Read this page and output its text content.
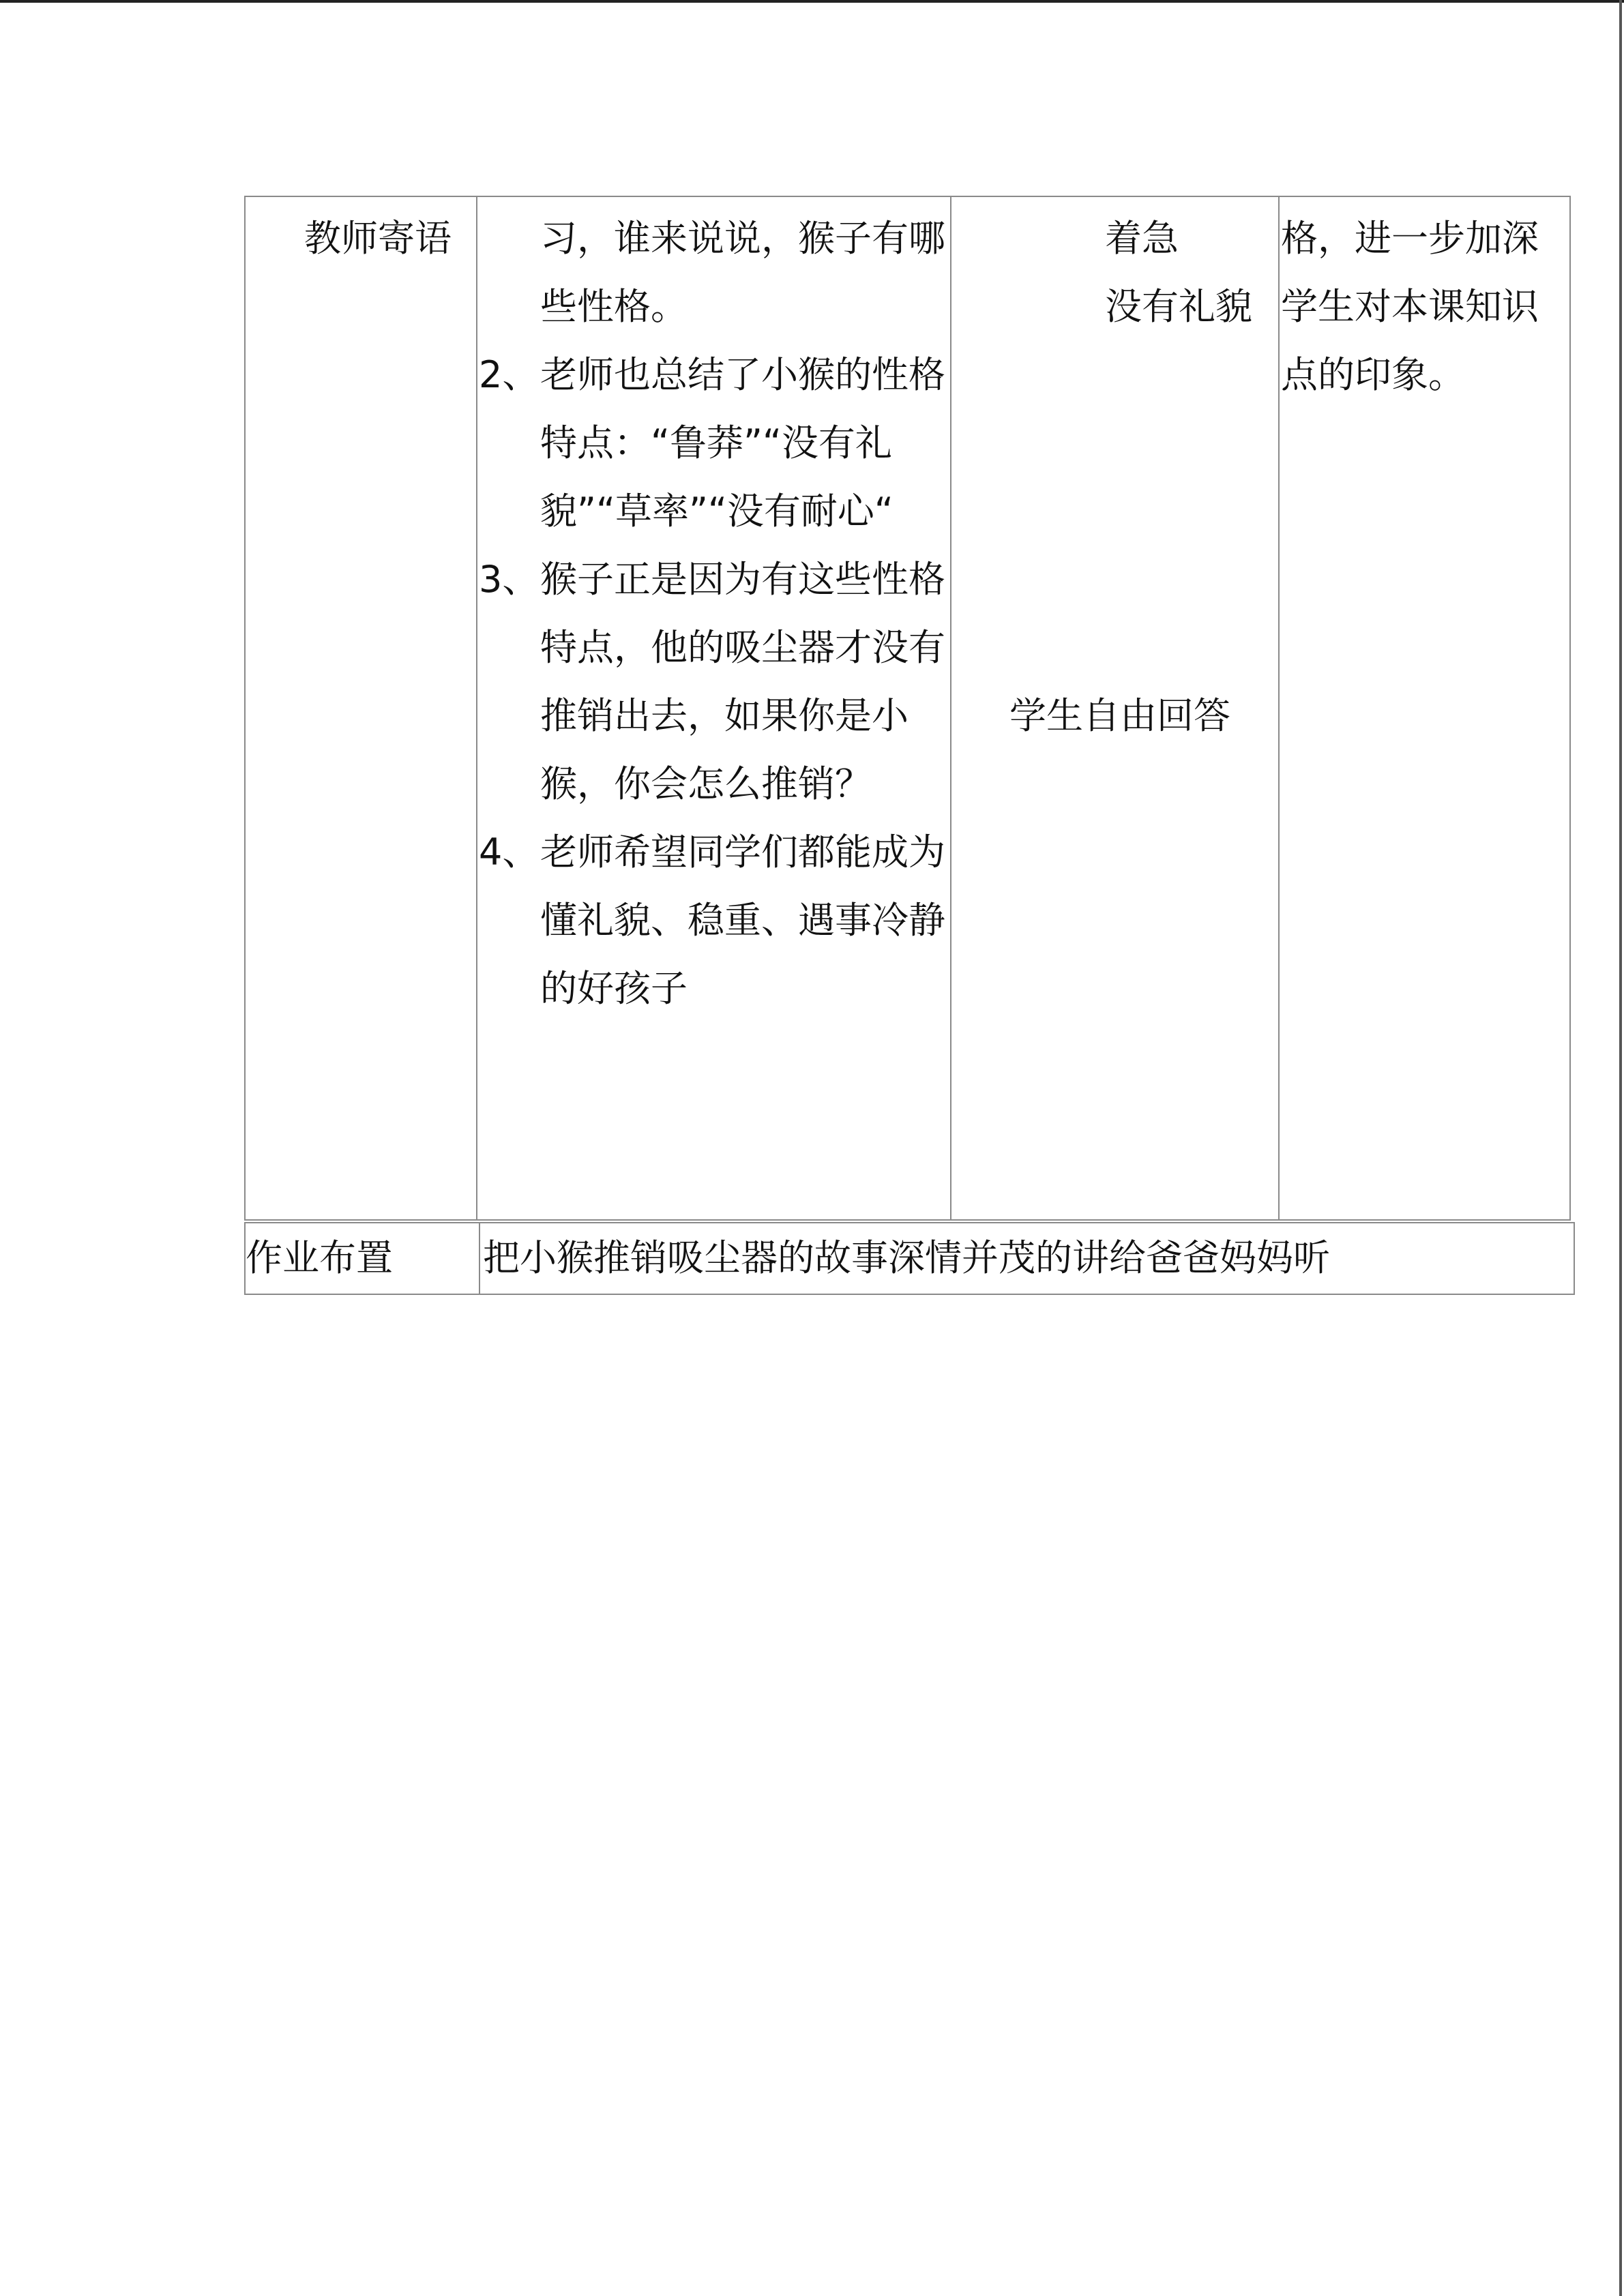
教师寄语	习，谁来说说，猴子有哪些性格。
2、 老师也总结了小猴的性格特点：“鲁莽”“没有礼貌”“草率”“没有耐心“
3、 猴子正是因为有这些性格特点，他的吸尘器才没有推销出去，如果你是小猴，你会怎么推销？
4、 老师希望同学们都能成为懂礼貌、稳重、遇事冷静的好孩子
着急
没有礼貌
学生自由回答
格，进一步加深学生对本课知识点的印象。
作业布置 把小猴推销吸尘器的故事深情并茂的讲给爸爸妈妈听
